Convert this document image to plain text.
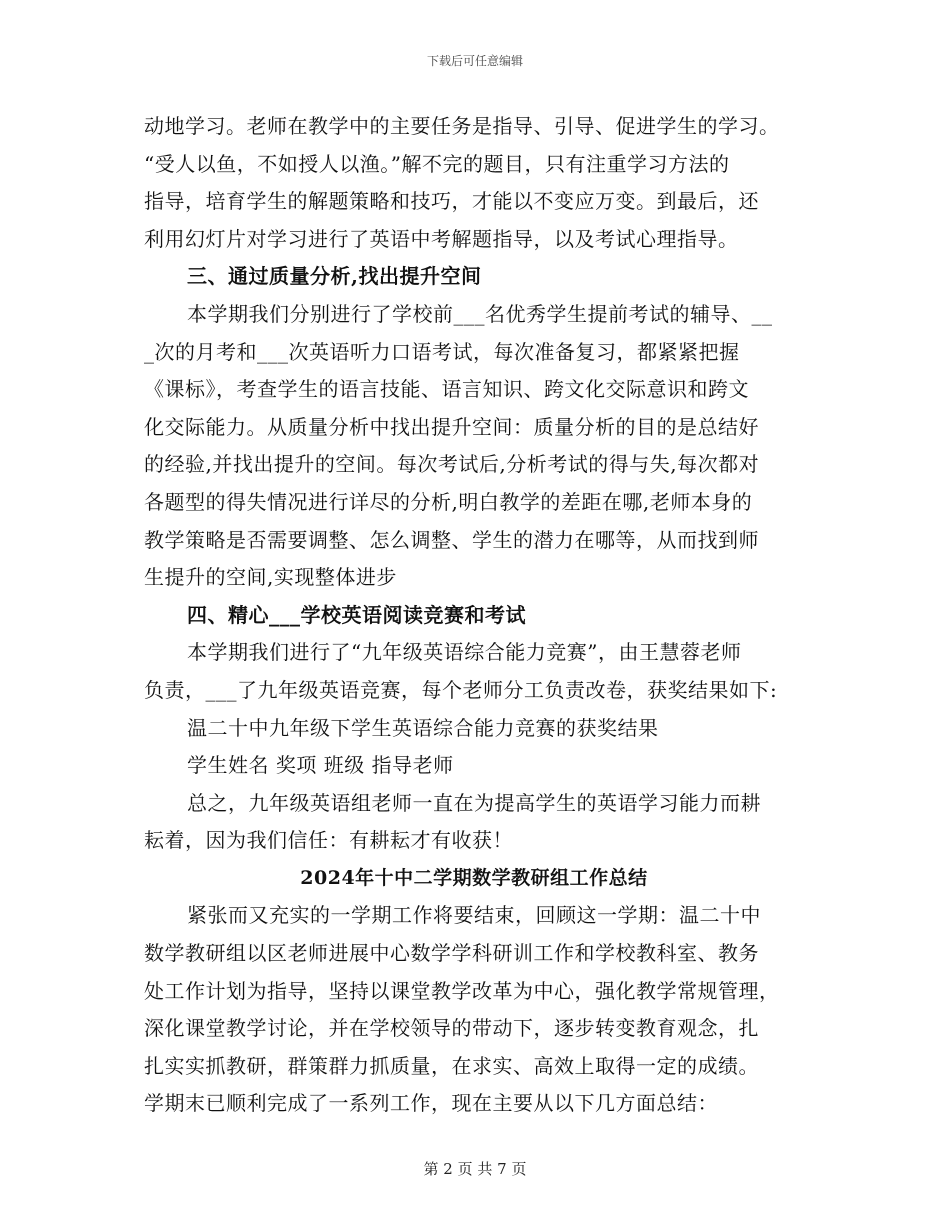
下载后可任意编辑
动地学习。老师在教学中的主要任务是指导、引导、促进学生的学习。
“受人以鱼，不如授人以渔。”解不完的题目，只有注重学习方法的
指导，培育学生的解题策略和技巧，才能以不变应万变。到最后，还
利用幻灯片对学习进行了英语中考解题指导，以及考试心理指导。
三、通过质量分析,找出提升空间
本学期我们分别进行了学校前___名优秀学生提前考试的辅导、__
_次的月考和___次英语听力口语考试，每次准备复习，都紧紧把握
《课标》，考查学生的语言技能、语言知识、跨文化交际意识和跨文
化交际能力。从质量分析中找出提升空间：质量分析的目的是总结好
的经验,并找出提升的空间。每次考试后,分析考试的得与失,每次都对
各题型的得失情况进行详尽的分析,明白教学的差距在哪,老师本身的
教学策略是否需要调整、怎么调整、学生的潜力在哪等，从而找到师
生提升的空间,实现整体进步
四、精心___学校英语阅读竞赛和考试
本学期我们进行了“九年级英语综合能力竞赛”，由王慧蓉老师
负责，___了九年级英语竞赛，每个老师分工负责改卷，获奖结果如下:
温二十中九年级下学生英语综合能力竞赛的获奖结果
学生姓名 奖项 班级 指导老师
总之，九年级英语组老师一直在为提高学生的英语学习能力而耕
耘着，因为我们信任：有耕耘才有收获！
2024年十中二学期数学教研组工作总结
紧张而又充实的一学期工作将要结束，回顾这一学期：温二十中
数学教研组以区老师进展中心数学学科研训工作和学校教科室、教务
处工作计划为指导，坚持以课堂教学改革为中心，强化教学常规管理，
深化课堂教学讨论，并在学校领导的带动下，逐步转变教育观念，扎
扎实实抓教研，群策群力抓质量，在求实、高效上取得一定的成绩。
学期末已顺利完成了一系列工作，现在主要从以下几方面总结：
第 2 页 共 7 页
